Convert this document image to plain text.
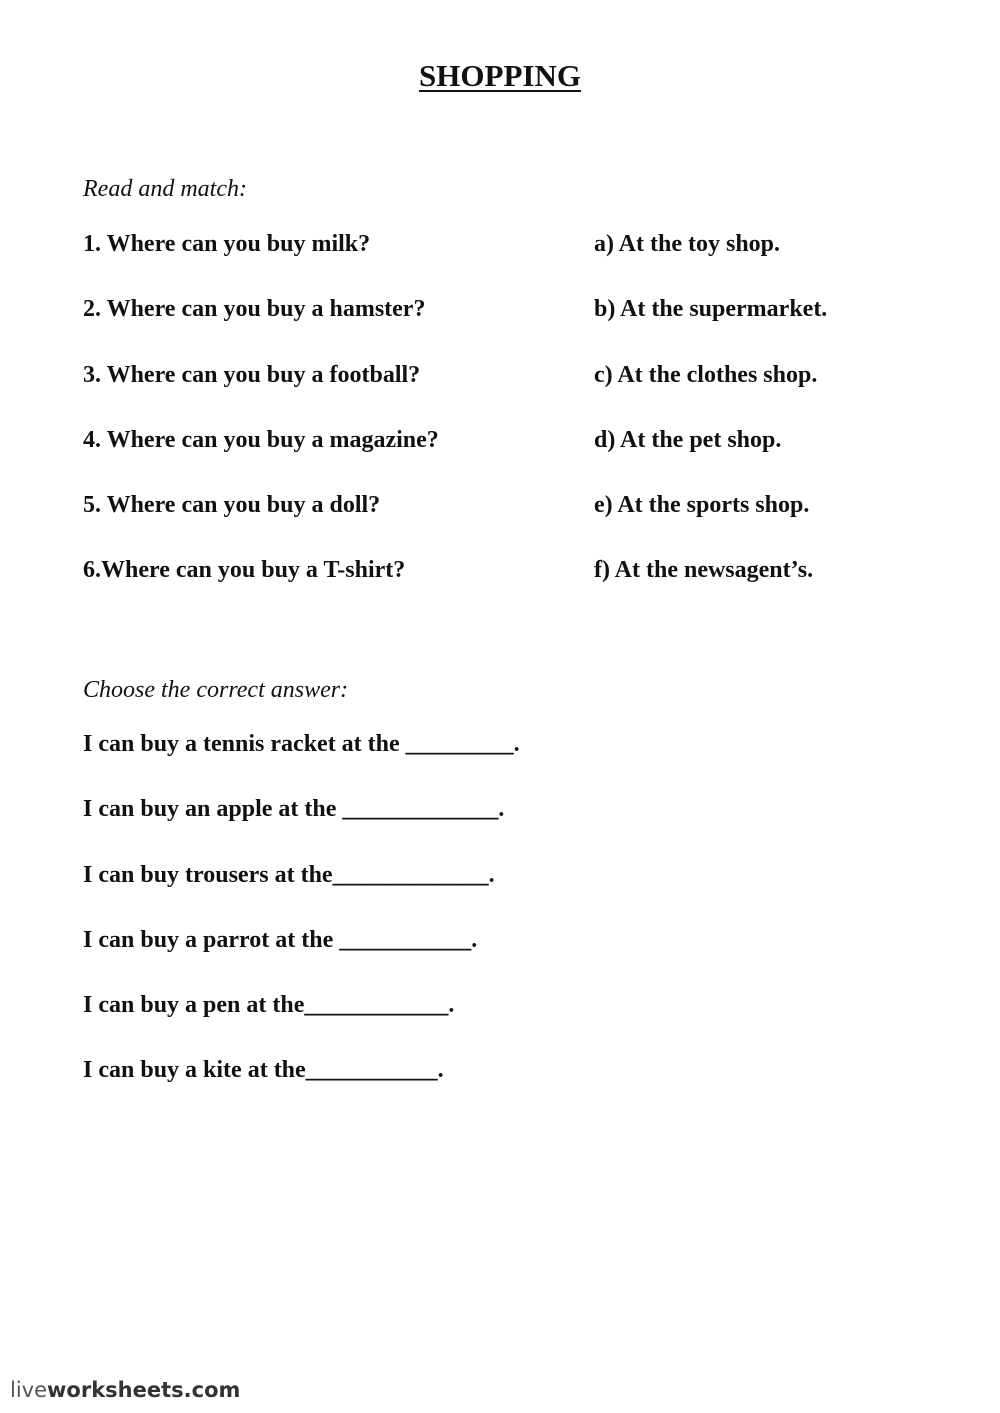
SHOPPING
Read and match:
1. Where can you buy milk?	a) At the toy shop.
2. Where can you buy a hamster?	b) At the supermarket.
3. Where can you buy a football?	c) At the clothes shop.
4. Where can you buy a magazine?	d) At the pet shop.
5. Where can you buy a doll?	e) At the sports shop.
6.Where can you buy a T-shirt?	f) At the newsagent’s.
Choose the correct answer:
I can buy a tennis racket at the _________.
I can buy an apple at the _____________.
I can buy trousers at the_____________.
I can buy a parrot at the ___________.
I can buy a pen at the____________.
I can buy a kite at the___________.
liveworksheets.com
